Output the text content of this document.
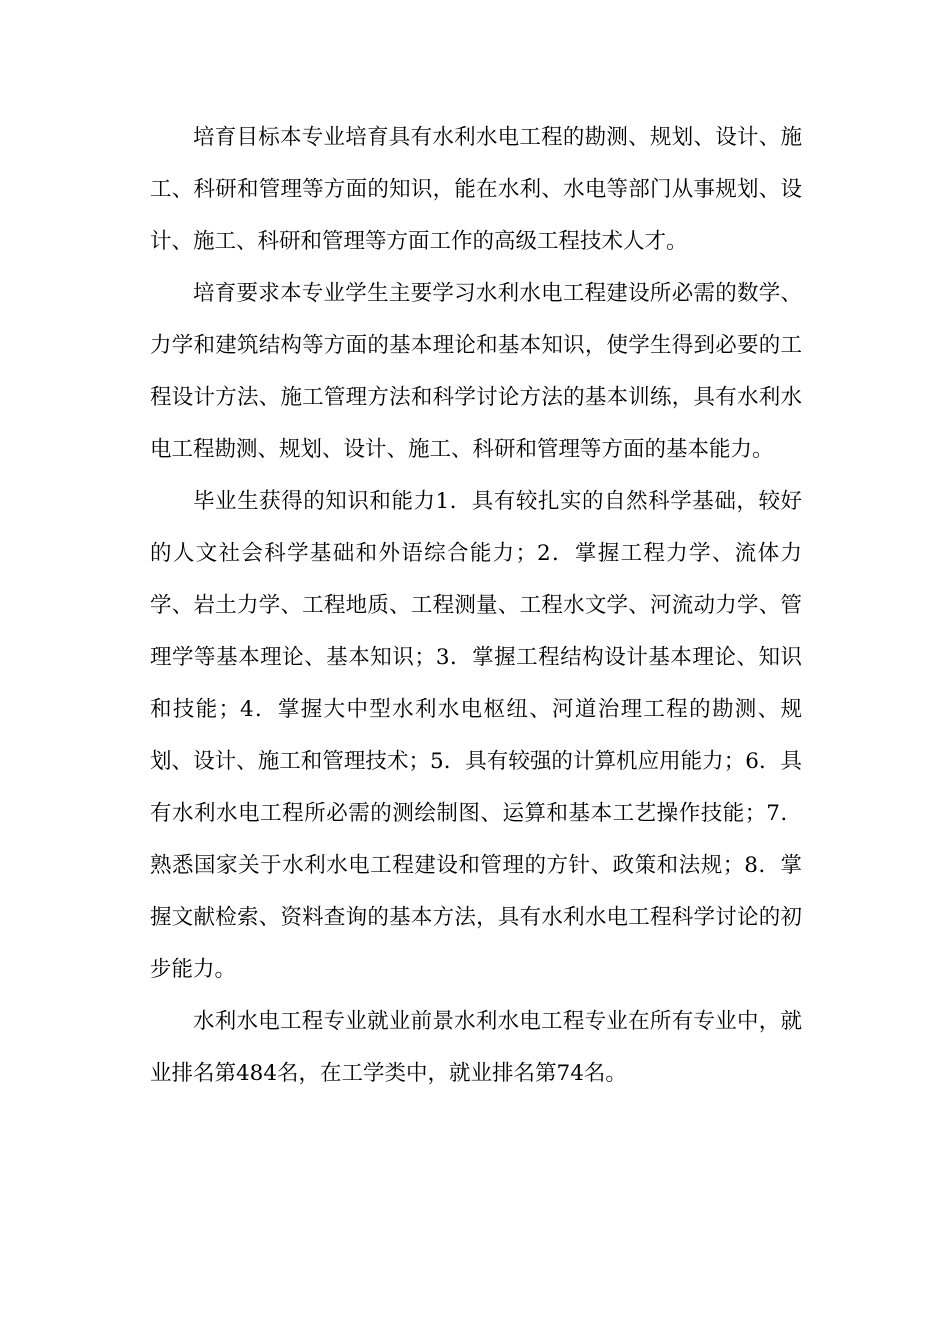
培育目标本专业培育具有水利水电工程的勘测、规划、设计、施工、科研和管理等方面的知识，能在水利、水电等部门从事规划、设计、施工、科研和管理等方面工作的高级工程技术人才。

培育要求本专业学生主要学习水利水电工程建设所必需的数学、力学和建筑结构等方面的基本理论和基本知识，使学生得到必要的工程设计方法、施工管理方法和科学讨论方法的基本训练，具有水利水电工程勘测、规划、设计、施工、科研和管理等方面的基本能力。

毕业生获得的知识和能力1．具有较扎实的自然科学基础，较好的人文社会科学基础和外语综合能力；2．掌握工程力学、流体力学、岩土力学、工程地质、工程测量、工程水文学、河流动力学、管理学等基本理论、基本知识；3．掌握工程结构设计基本理论、知识和技能；4．掌握大中型水利水电枢纽、河道治理工程的勘测、规划、设计、施工和管理技术；5．具有较强的计算机应用能力；6．具有水利水电工程所必需的测绘制图、运算和基本工艺操作技能；7．熟悉国家关于水利水电工程建设和管理的方针、政策和法规；8．掌握文献检索、资料查询的基本方法，具有水利水电工程科学讨论的初步能力。

水利水电工程专业就业前景水利水电工程专业在所有专业中，就业排名第484名，在工学类中，就业排名第74名。
